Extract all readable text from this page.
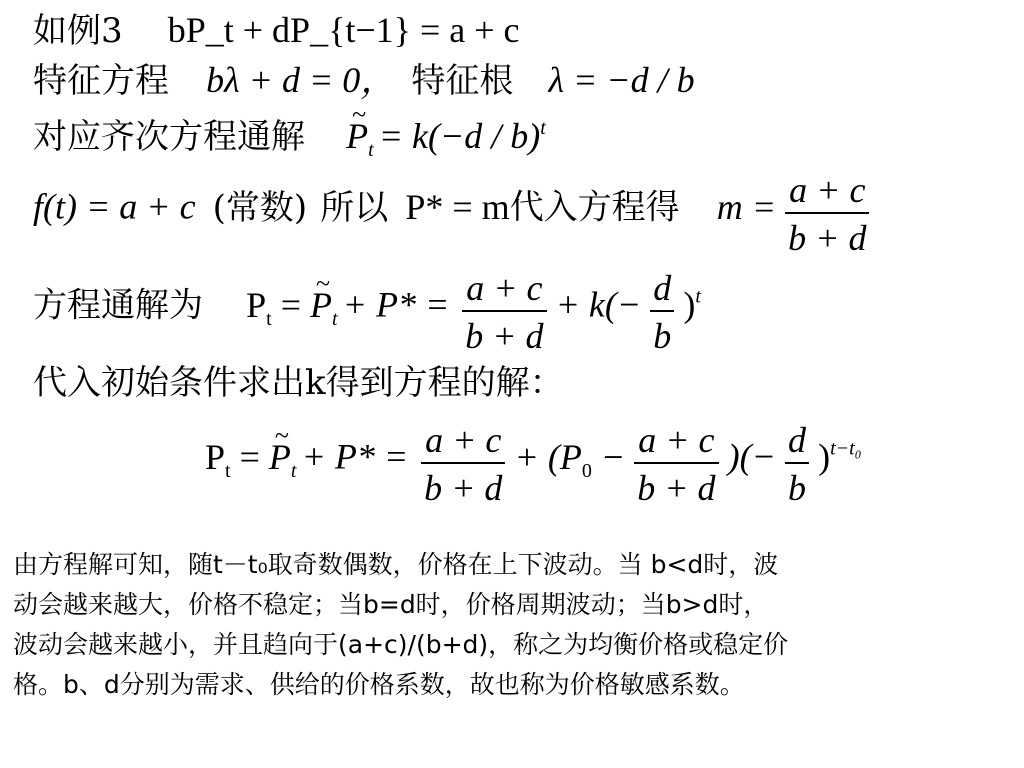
如例3 bP_t + dP_{t−1} = a + c
特征方程 bλ + d = 0， 特征根 λ = −d / b
对应齐次方程通解 ~ $P_t = k(-d / b)t$
f(t) = a + c (常数) 所以 P* = m代入方程得 $m = \frac{a + c}{b + d}$
方程通解为 $P_t$ = ~ $P_t + P* = \frac{a + c}{b + d} + k(- \frac{d}{b} )t$
代入初始条件求出k得到方程的解：
$P_t$ = ~ $P_t + P* = \frac{a + c}{b + d} + (P_0 - \frac{a + c}{b + d}$ )(− $\frac{d}{b} )t-t_0$

由方程解可知，随t－t₀取奇数偶数，价格在上下波动。当 b<d时，波

动会越来越大，价格不稳定；当b=d时，价格周期波动；当b>d时，

波动会越来越小，并且趋向于(a+c)/(b+d)，称之为均衡价格或稳定价

格。b、d分别为需求、供给的价格系数，故也称为价格敏感系数。
